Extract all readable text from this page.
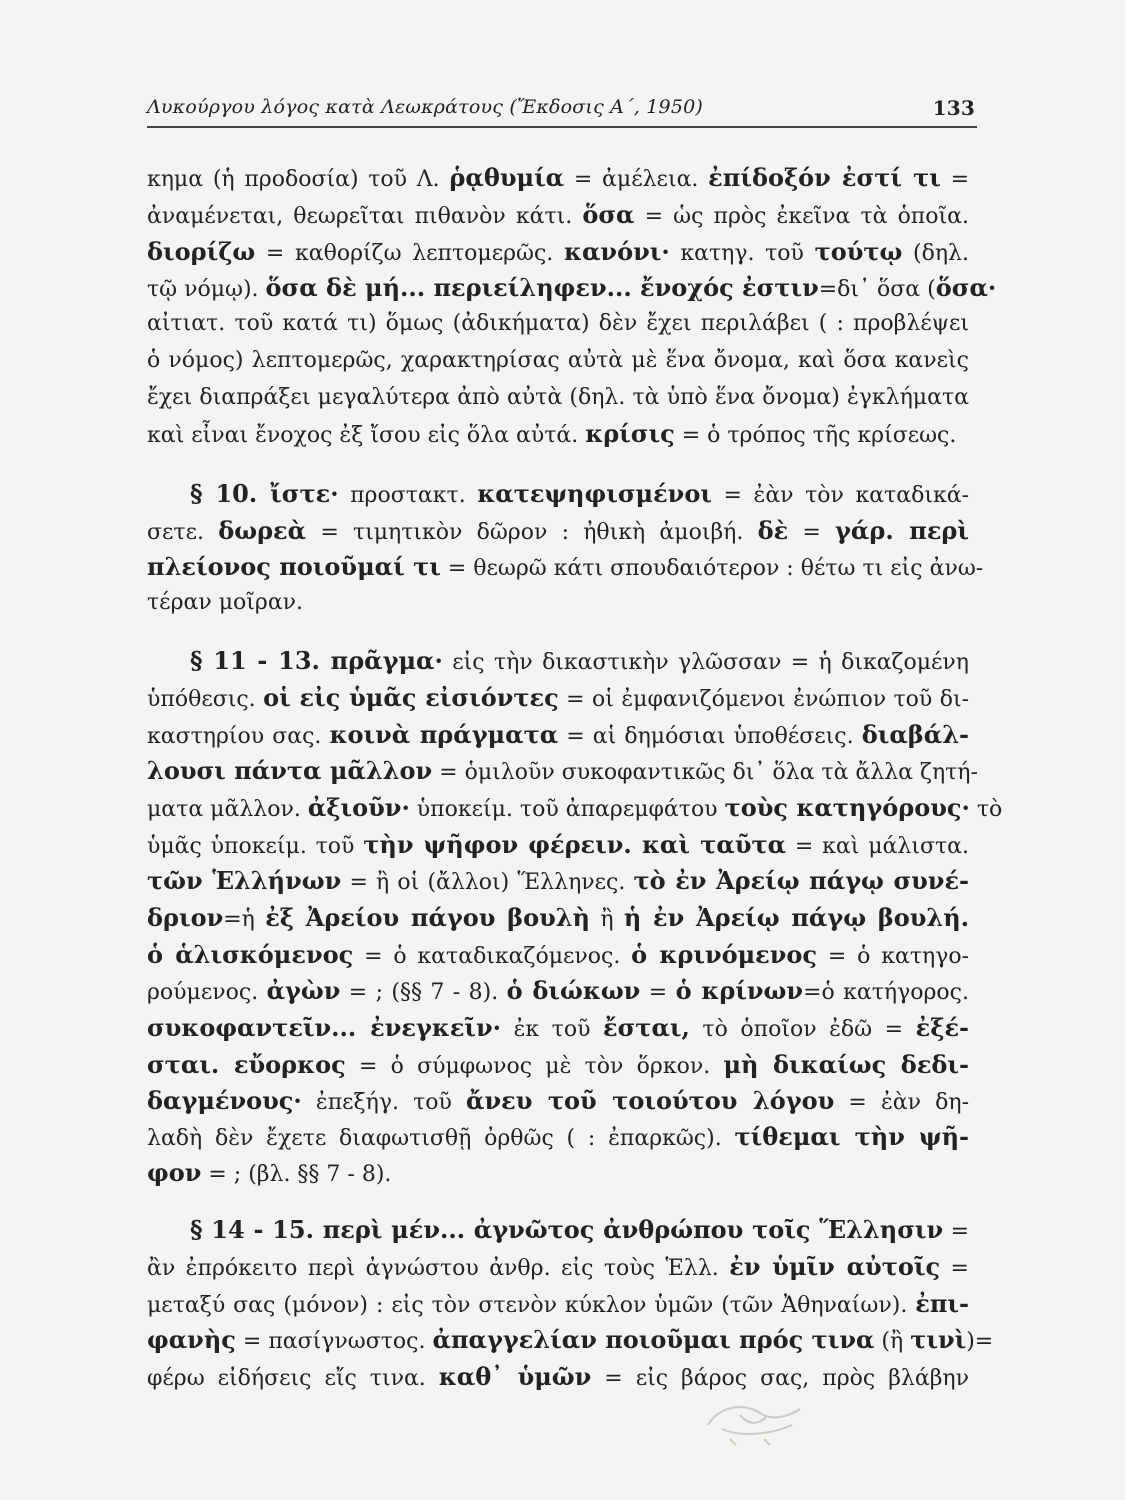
Λυκούργου λόγος κατὰ Λεωκράτους (Ἔκδοσις Α΄, 1950)	133
κημα (ἡ προδοσία) τοῦ Λ. ῥᾳθυμία = ἀμέλεια. ἐπίδοξόν ἐστί τι =
ἀναμένεται, θεωρεῖται πιθανὸν κάτι. ὅσα = ὡς πρὸς ἐκεῖνα τὰ ὁποῖα.
διορίζω = καθορίζω λεπτομερῶς. κανόνι· κατηγ. τοῦ τούτῳ (δηλ.
τῷ νόμῳ). ὅσα δὲ μή... περιείληφεν... ἔνοχός ἐστιν=δι᾽ ὅσα (ὅσα·
αἰτιατ. τοῦ κατά τι) ὅμως (ἀδικήματα) δὲν ἔχει περιλάβει ( : προβλέψει
ὁ νόμος) λεπτομερῶς, χαρακτηρίσας αὐτὰ μὲ ἕνα ὄνομα, καὶ ὅσα κανεὶς
ἔχει διαπράξει μεγαλύτερα ἀπὸ αὐτὰ (δηλ. τὰ ὑπὸ ἕνα ὄνομα) ἐγκλήματα
καὶ εἶναι ἔνοχος ἐξ ἴσου εἰς ὅλα αὐτά. κρίσις = ὁ τρόπος τῆς κρίσεως.
§ 10. ἴστε· προστακτ. κατεψηφισμένοι = ἐὰν τὸν καταδικά-
σετε. δωρεὰ = τιμητικὸν δῶρον : ἠθικὴ ἀμοιβή. δὲ = γάρ. περὶ
πλείονος ποιοῦμαί τι = θεωρῶ κάτι σπουδαιότερον : θέτω τι εἰς ἀνω-
τέραν μοῖραν.
§ 11 - 13. πρᾶγμα· εἰς τὴν δικαστικὴν γλῶσσαν = ἡ δικαζομένη
ὑπόθεσις. οἱ εἰς ὑμᾶς εἰσιόντες = οἱ ἐμφανιζόμενοι ἐνώπιον τοῦ δι-
καστηρίου σας. κοινὰ πράγματα = αἱ δημόσιαι ὑποθέσεις. διαβάλ-
λουσι πάντα μᾶλλον = ὁμιλοῦν συκοφαντικῶς δι᾽ ὅλα τὰ ἄλλα ζητή-
ματα μᾶλλον. ἀξιοῦν· ὑποκείμ. τοῦ ἀπαρεμφάτου τοὺς κατηγόρους· τὸ
ὑμᾶς ὑποκείμ. τοῦ τὴν ψῆφον φέρειν. καὶ ταῦτα = καὶ μάλιστα.
τῶν Ἑλλήνων = ἢ οἱ (ἄλλοι) Ἕλληνες. τὸ ἐν Ἀρείῳ πάγῳ συνέ-
δριον=ἡ ἐξ Ἀρείου πάγου βουλὴ ἢ ἡ ἐν Ἀρείῳ πάγῳ βουλή.
ὁ ἁλισκόμενος = ὁ καταδικαζόμενος. ὁ κρινόμενος = ὁ κατηγο-
ρούμενος. ἀγὼν = ; (§§ 7 - 8). ὁ διώκων = ὁ κρίνων=ὁ κατήγορος.
συκοφαντεῖν... ἐνεγκεῖν· ἐκ τοῦ ἔσται, τὸ ὁποῖον ἐδῶ = ἐξέ-
σται. εὔορκος = ὁ σύμφωνος μὲ τὸν ὅρκον. μὴ δικαίως δεδι-
δαγμένους· ἐπεξήγ. τοῦ ἄνευ τοῦ τοιούτου λόγου = ἐὰν δη-
λαδὴ δὲν ἔχετε διαφωτισθῇ ὀρθῶς ( : ἐπαρκῶς). τίθεμαι τὴν ψῆ-
φον = ; (βλ. §§ 7 - 8).
§ 14 - 15. περὶ μέν... ἀγνῶτος ἀνθρώπου τοῖς Ἕλλησιν =
ἂν ἐπρόκειτο περὶ ἀγνώστου ἀνθρ. εἰς τοὺς Ἑλλ. ἐν ὑμῖν αὐτοῖς =
μεταξύ σας (μόνον) : εἰς τὸν στενὸν κύκλον ὑμῶν (τῶν Ἀθηναίων). ἐπι-
φανὴς = πασίγνωστος. ἀπαγγελίαν ποιοῦμαι πρός τινα (ἢ τινὶ)=
φέρω εἰδήσεις εἴς τινα. καθ᾽ ὑμῶν = εἰς βάρος σας, πρὸς βλάβην
